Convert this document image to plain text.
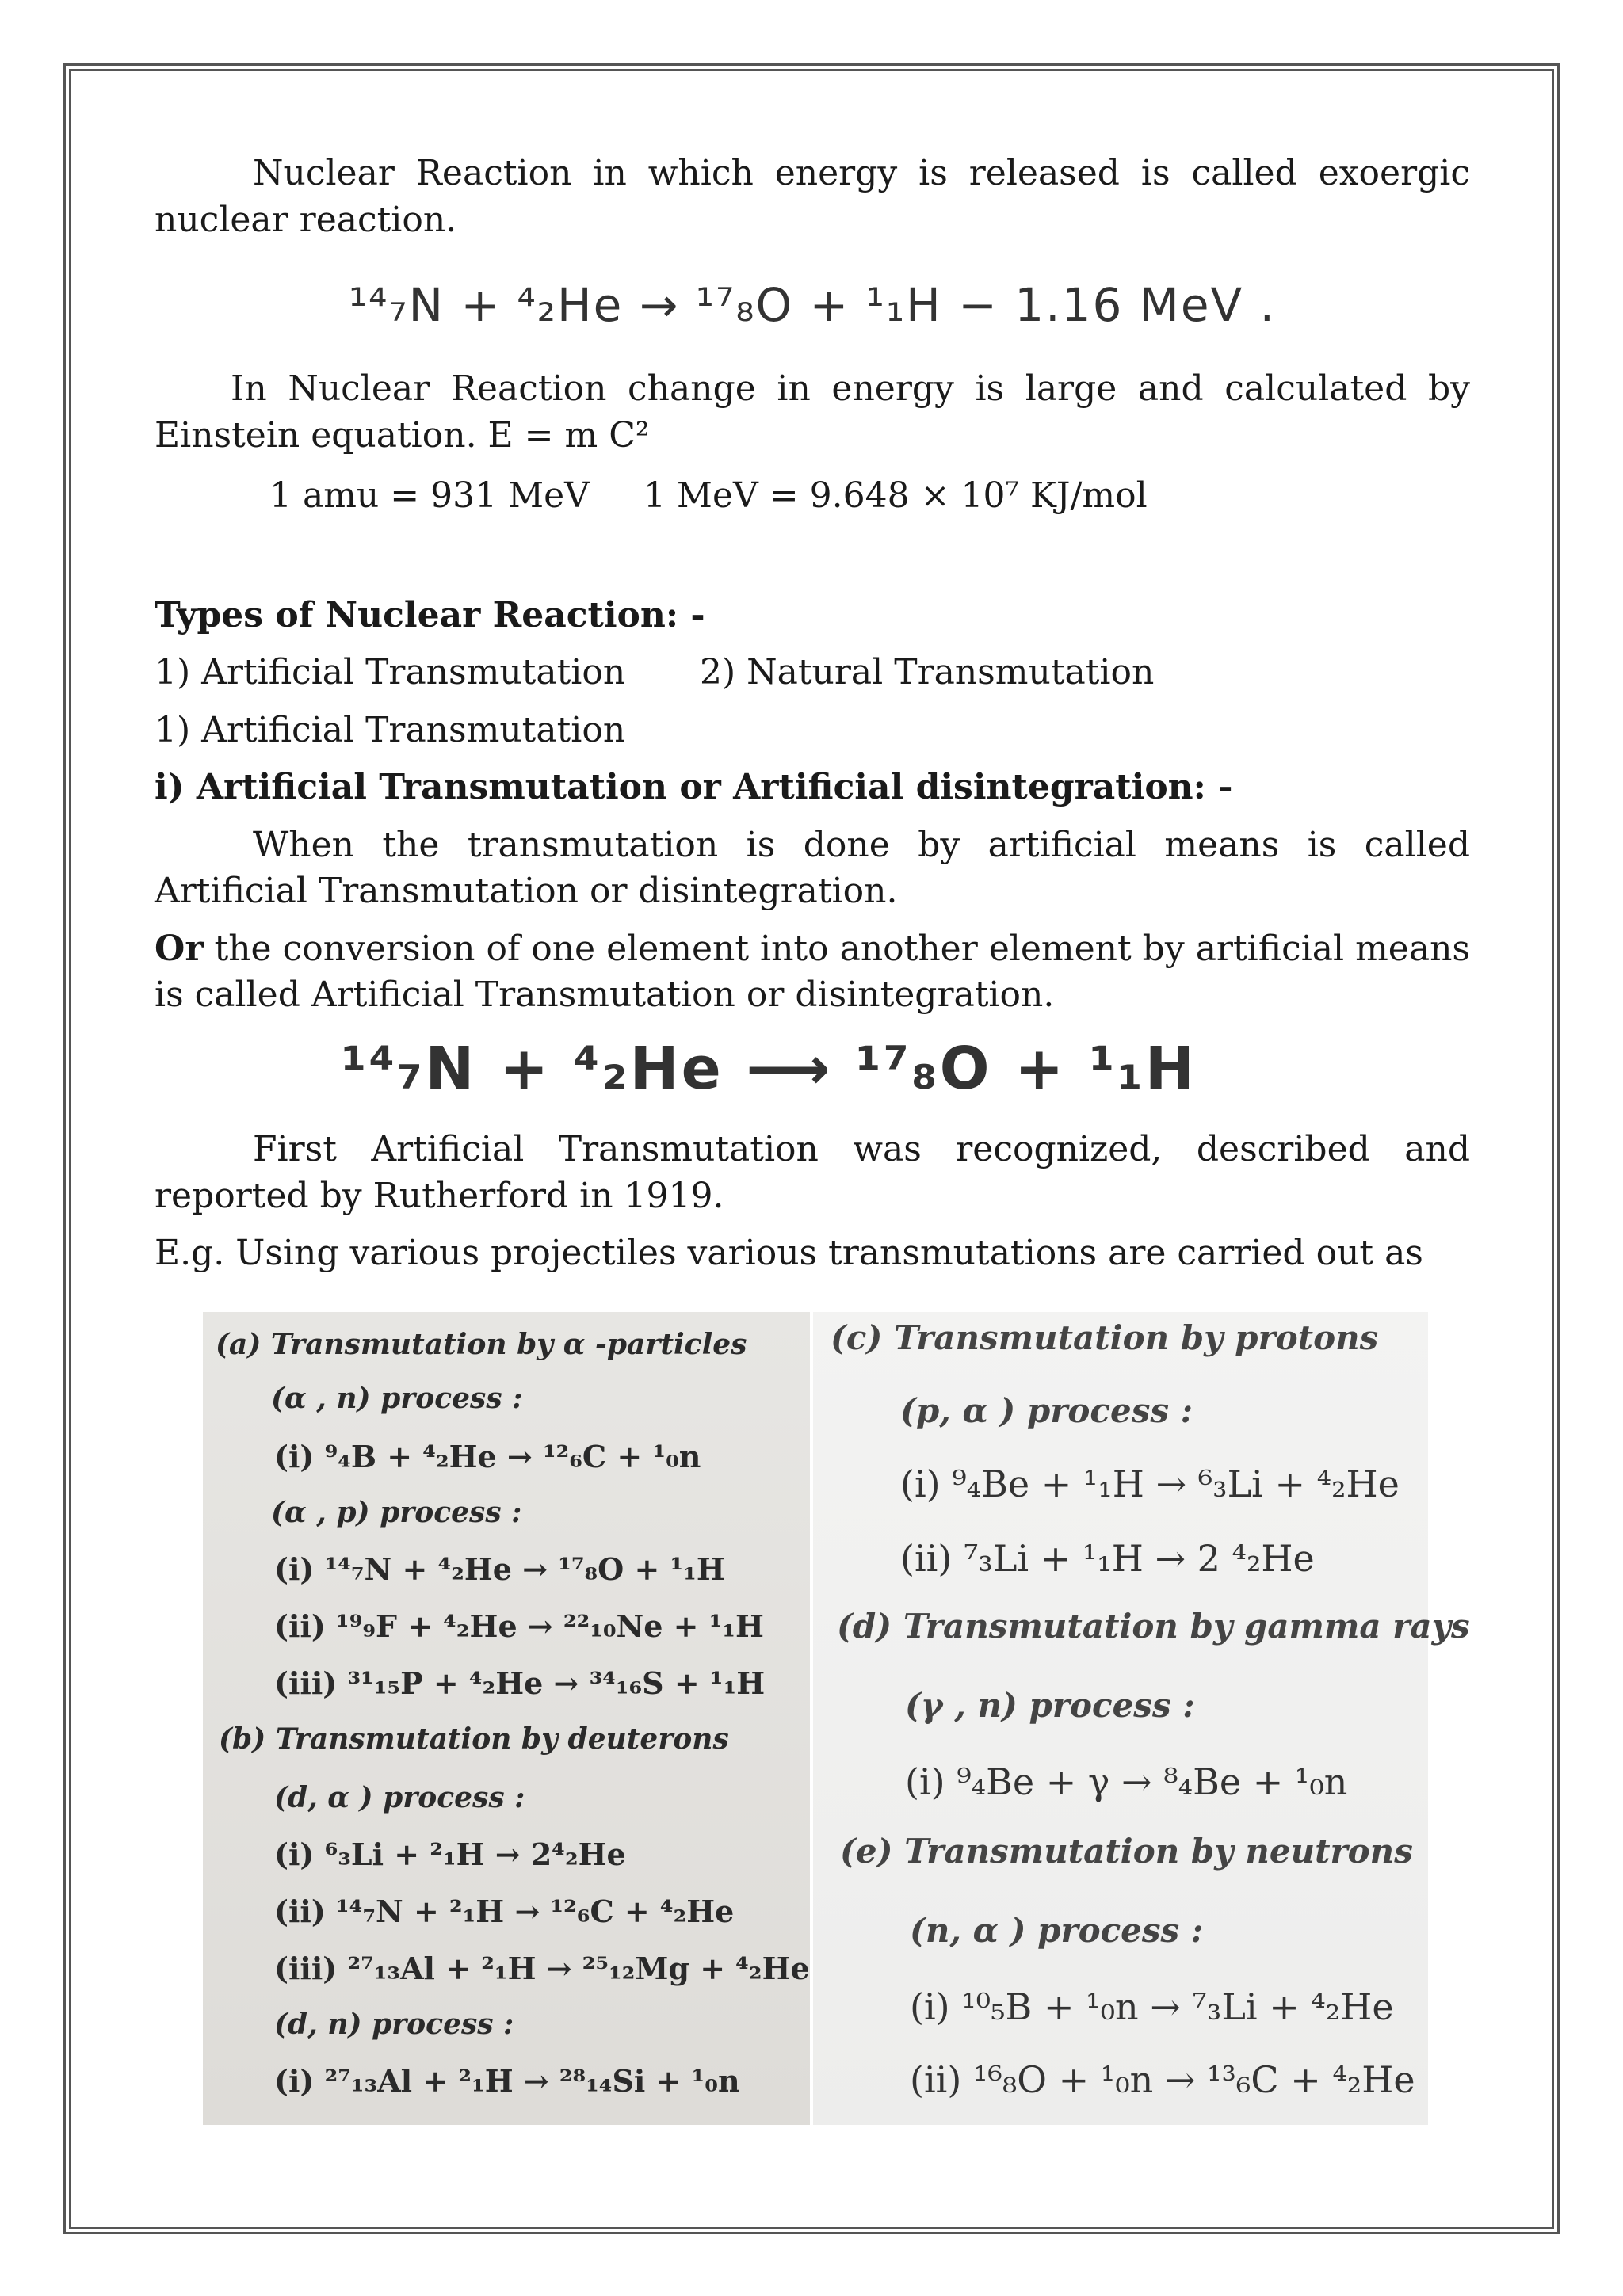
Nuclear Reaction in which energy is released is called exoergic nuclear reaction.

¹⁴₇N + ⁴₂He → ¹⁷₈O + ¹₁H − 1.16 MeV .

In Nuclear Reaction change in energy is large and calculated by Einstein equation. E = m C²

1 amu = 931 MeV 1 MeV = 9.648 × 10⁷ KJ/mol
Types of Nuclear Reaction: -
1) Artificial Transmutation 2) Natural Transmutation
1) Artificial Transmutation
i) Artificial Transmutation or Artificial disintegration: -

When the transmutation is done by artificial means is called Artificial Transmutation or disintegration.

Or the conversion of one element into another element by artificial means is called Artificial Transmutation or disintegration.

¹⁴₇N + ⁴₂He ⟶ ¹⁷₈O + ¹₁H

First Artificial Transmutation was recognized, described and reported by Rutherford in 1919.

E.g. Using various projectiles various transmutations are carried out as

(a) Transmutation by α -particles
(α , n) process :
(i) ⁹₄B + ⁴₂He → ¹²₆C + ¹₀n
(α , p) process :
(i) ¹⁴₇N + ⁴₂He → ¹⁷₈O + ¹₁H
(ii) ¹⁹₉F + ⁴₂He → ²²₁₀Ne + ¹₁H
(iii) ³¹₁₅P + ⁴₂He → ³⁴₁₆S + ¹₁H
(b) Transmutation by deuterons
(d, α ) process :
(i) ⁶₃Li + ²₁H → 2⁴₂He
(ii) ¹⁴₇N + ²₁H → ¹²₆C + ⁴₂He
(iii) ²⁷₁₃Al + ²₁H → ²⁵₁₂Mg + ⁴₂He
(d, n) process :
(i) ²⁷₁₃Al + ²₁H → ²⁸₁₄Si + ¹₀n
(c) Transmutation by protons
(p, α ) process :
(i) ⁹₄Be + ¹₁H → ⁶₃Li + ⁴₂He
(ii) ⁷₃Li + ¹₁H → 2 ⁴₂He
(d) Transmutation by gamma rays
(γ , n) process :
(i) ⁹₄Be + γ → ⁸₄Be + ¹₀n
(e) Transmutation by neutrons
(n, α ) process :
(i) ¹⁰₅B + ¹₀n → ⁷₃Li + ⁴₂He
(ii) ¹⁶₈O + ¹₀n → ¹³₆C + ⁴₂He
